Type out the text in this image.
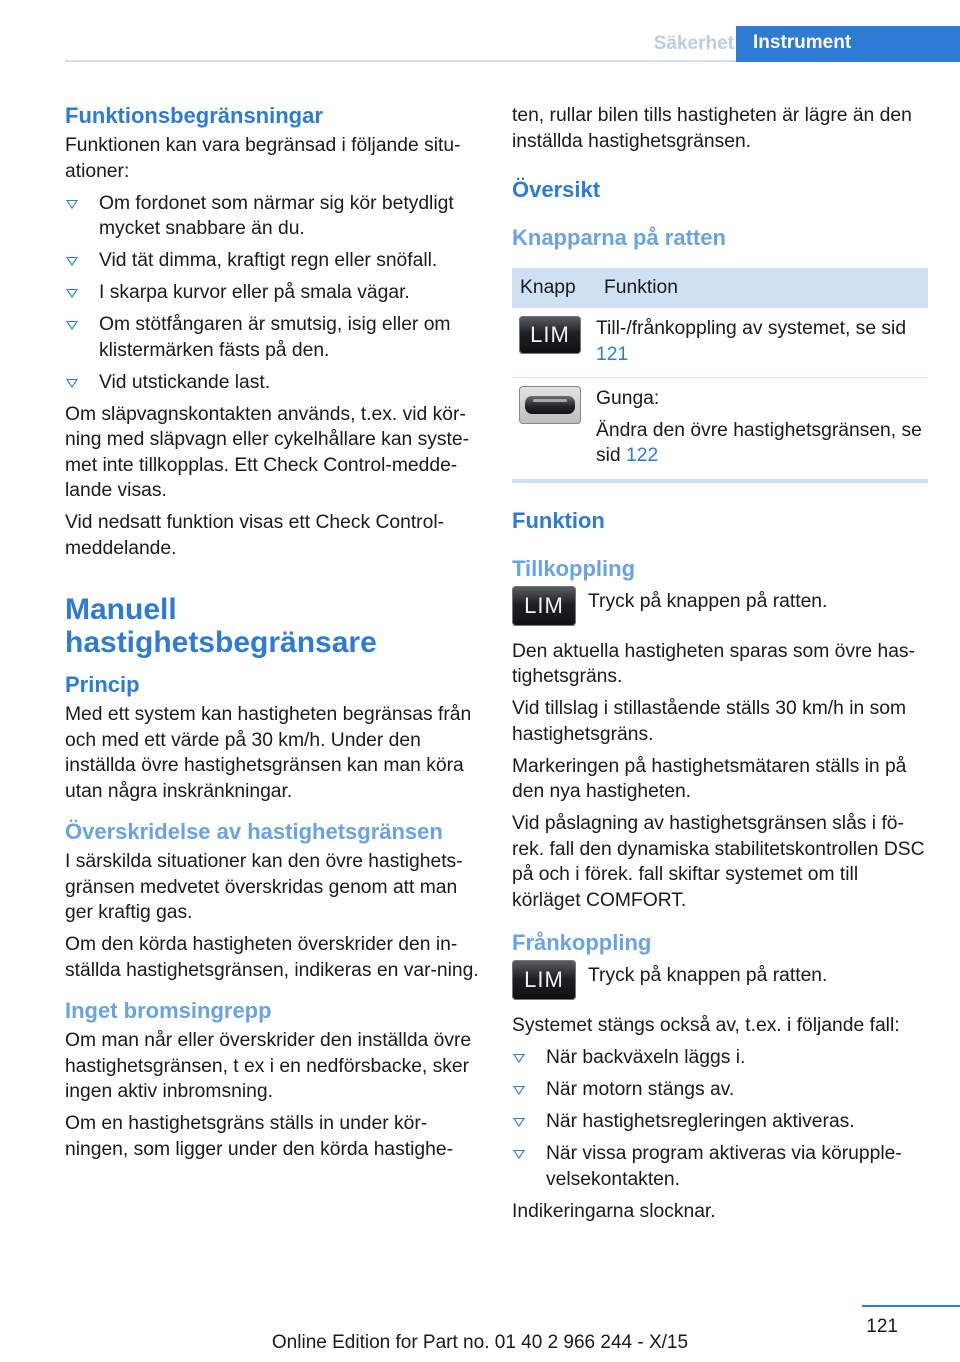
Säkerhet	Instrument
Funktionsbegränsningar

Funktionen kan vara begränsad i följande situ-ationer:

Om fordonet som närmar sig kör betydligt mycket snabbare än du.
Vid tät dimma, kraftigt regn eller snöfall.
I skarpa kurvor eller på smala vägar.
Om stötfångaren är smutsig, isig eller om klistermärken fästs på den.
Vid utstickande last.

Om släpvagnskontakten används, t.ex. vid kör-ning med släpvagn eller cykelhållare kan syste-met inte tillkopplas. Ett Check Control-medde-lande visas.

Vid nedsatt funktion visas ett Check Control-meddelande.

Manuell
hastighetsbegränsare
Princip

Med ett system kan hastigheten begränsas från och med ett värde på 30 km/h. Under den inställda övre hastighetsgränsen kan man köra utan några inskränkningar.

Överskridelse av hastighetsgränsen

I särskilda situationer kan den övre hastighets-gränsen medvetet överskridas genom att man ger kraftig gas.

Om den körda hastigheten överskrider den in-ställda hastighetsgränsen, indikeras en var-ning.

Inget bromsingrepp

Om man når eller överskrider den inställda övre hastighetsgränsen, t ex i en nedförsbacke, sker ingen aktiv inbromsning.

Om en hastighetsgräns ställs in under kör-ningen, som ligger under den körda hastighe-

ten, rullar bilen tills hastigheten är lägre än den inställda hastighetsgränsen.

Översikt
Knapparna på ratten
Knapp	Funktion

LIM	Till-/frånkoppling av systemet, se sid 121

	Gunga:

Ändra den övre hastighetsgränsen, se sid 122
Funktion
Tillkoppling
LIM	Tryck på knappen på ratten.

Den aktuella hastigheten sparas som övre has-tighetsgräns.

Vid tillslag i stillastående ställs 30 km/h in som hastighetsgräns.

Markeringen på hastighetsmätaren ställs in på den nya hastigheten.

Vid påslagning av hastighetsgränsen slås i fö-rek. fall den dynamiska stabilitetskontrollen DSC på och i förek. fall skiftar systemet om till körläget COMFORT.

Frånkoppling
LIM	Tryck på knappen på ratten.

Systemet stängs också av, t.ex. i följande fall:

När backväxeln läggs i.
När motorn stängs av.
När hastighetsregleringen aktiveras.
När vissa program aktiveras via körupple-velsekontakten.

Indikeringarna slocknar.

121
Online Edition for Part no. 01 40 2 966 244 - X/15
